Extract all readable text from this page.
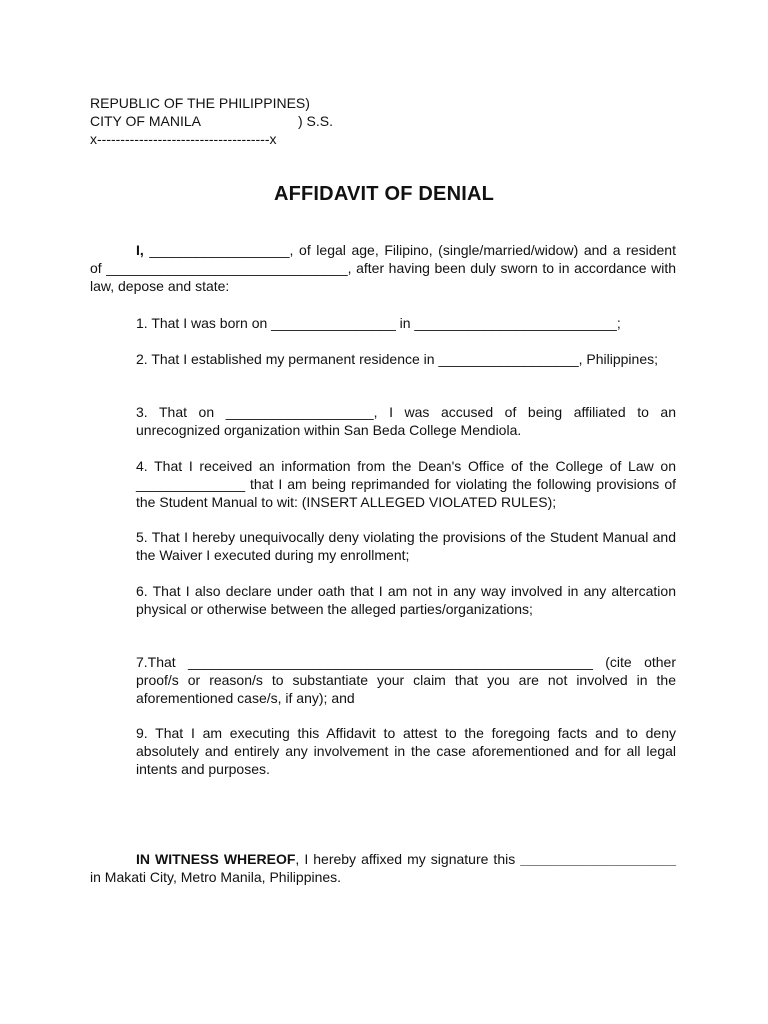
REPUBLIC OF THE PHILIPPINES)
CITY OF MANILA	) S.S.
x-------------------------------------x
AFFIDAVIT OF DENIAL
I, __________________, of legal age, Filipino, (single/married/widow) and a resident of _______________________________, after having been duly sworn to in accordance with law, depose and state:
1. That I was born on ________________ in __________________________;
2. That I established my permanent residence in __________________, Philippines;
3. That on ___________________, I was accused of being affiliated to an unrecognized organization within San Beda College Mendiola.
4. That I received an information from the Dean's Office of the College of Law on ______________ that I am being reprimanded for violating the following provisions of the Student Manual to wit: (INSERT ALLEGED VIOLATED RULES);
5. That I hereby unequivocally deny violating the provisions of the Student Manual and the Waiver I executed during my enrollment;
6. That I also declare under oath that I am not in any way involved in any altercation physical or otherwise between the alleged parties/organizations;
7.That ____________________________________________________ (cite other proof/s or reason/s to substantiate your claim that you are not involved in the aforementioned case/s, if any); and
9. That I am executing this Affidavit to attest to the foregoing facts and to deny absolutely and entirely any involvement in the case aforementioned and for all legal intents and purposes.
IN WITNESS WHEREOF, I hereby affixed my signature this ____________________ in Makati City, Metro Manila, Philippines.
